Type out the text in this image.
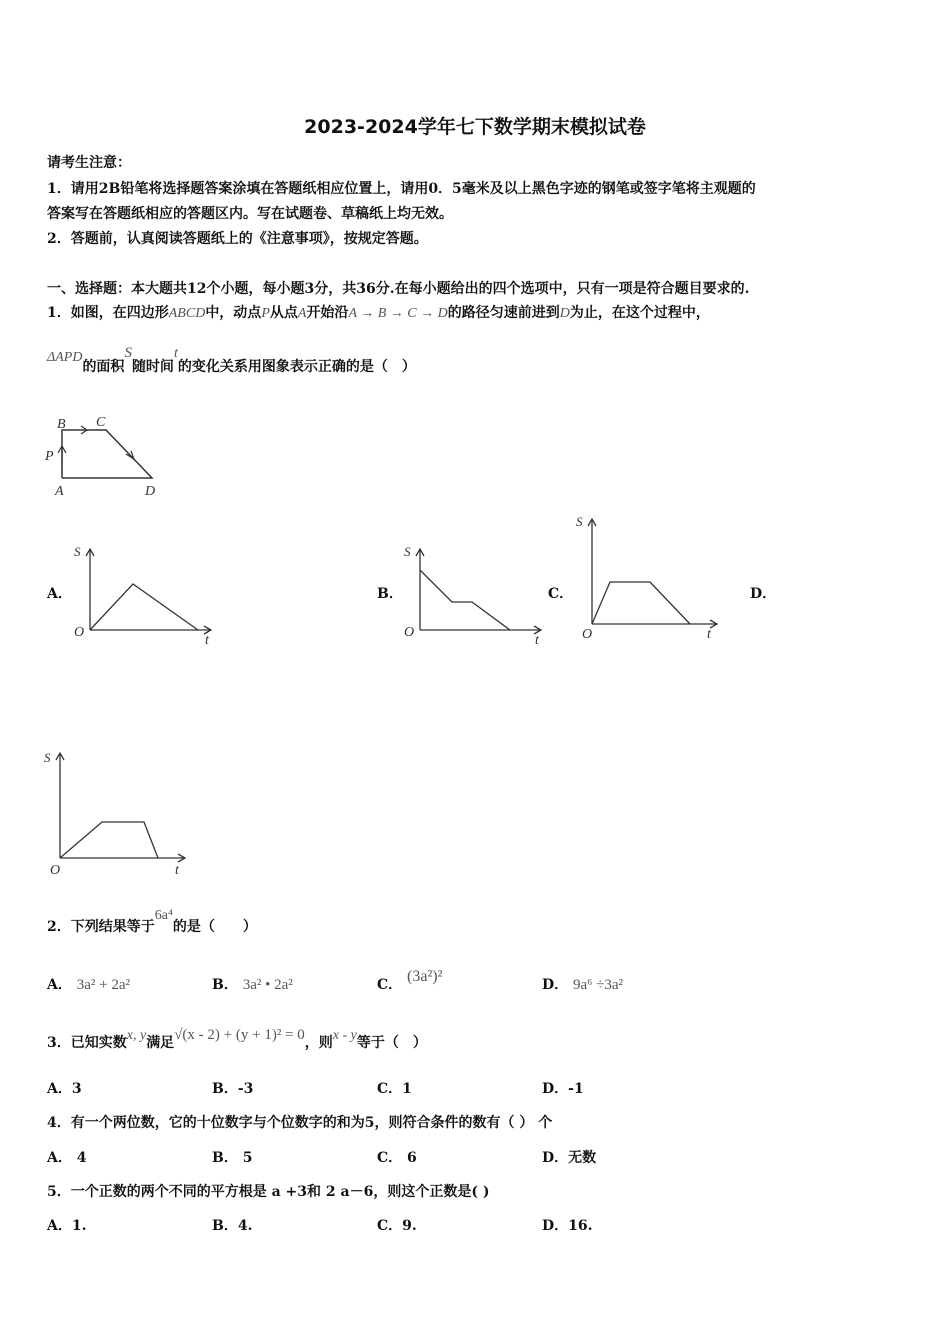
2023-2024学年七下数学期末模拟试卷
请考生注意：
1．请用2B铅笔将选择题答案涂填在答题纸相应位置上，请用0．5毫米及以上黑色字迹的钢笔或签字笔将主观题的
答案写在答题纸相应的答题区内。写在试题卷、草稿纸上均无效。
2．答题前，认真阅读答题纸上的《注意事项》，按规定答题。
一、选择题：本大题共12个小题，每小题3分，共36分.在每小题给出的四个选项中，只有一项是符合题目要求的.
1．如图，在四边形ABCD中，动点P从点A开始沿A → B → C → D的路径匀速前进到D为止，在这个过程中，
ΔAPD的面积S随时间t的变化关系用图象表示正确的是（　）
B C
P
A	D
A．	B．	C．	D．
S
O
t
S
O
t
S
O	t
S
O	t
2．下列结果等于6a⁴的是（　　）
A． 3a² + 2a²	B． 3a² • 2a²	C． (3a²)²	D． 9a⁶ ÷3a²
3．已知实数x, y满足√(x - 2) + (y + 1)² = 0，则x - y等于（　）
A．3	B．-3	C．1	D．-1
4．有一个两位数，它的十位数字与个位数字的和为5，则符合条件的数有（ ） 个
A． 4	B． 5	C． 6	D．无数
5．一个正数的两个不同的平方根是 a +3和 2 a－6，则这个正数是( )
A．1.	B．4.	C．9.	D．16.
